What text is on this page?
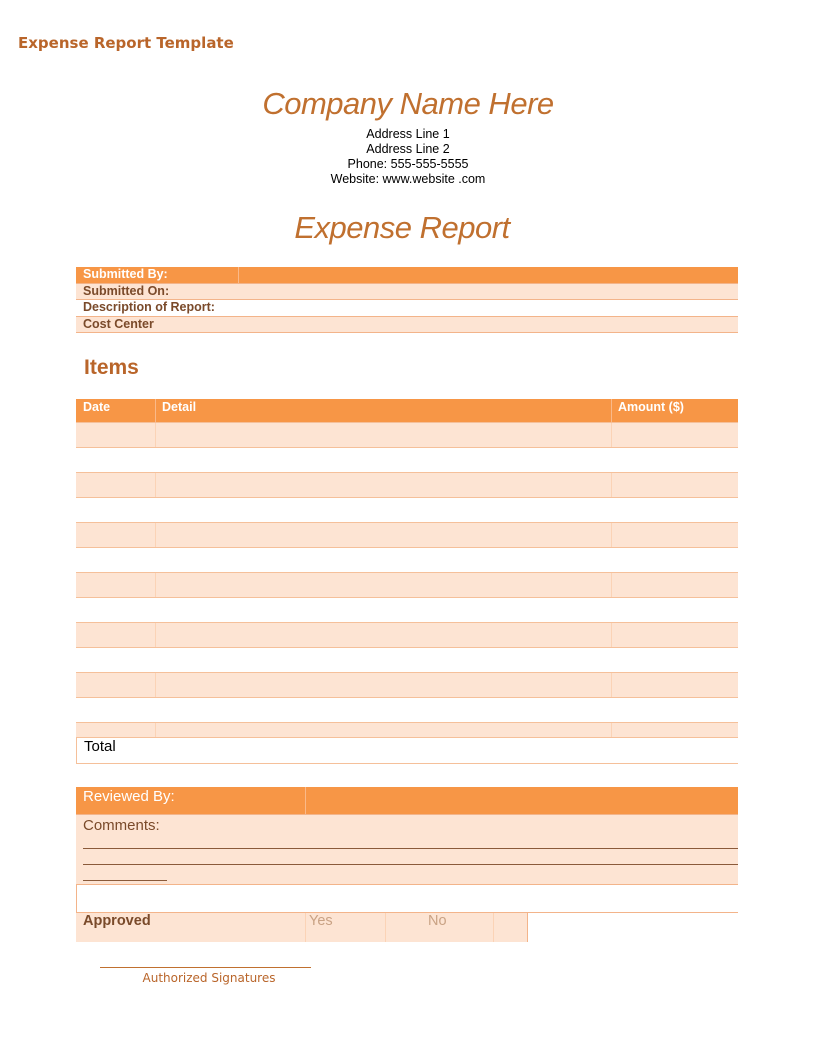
Expense Report Template
Company Name Here
Address Line 1
Address Line 2
Phone: 555-555-5555
Website: www.website .com
Expense Report
Submitted By:
Submitted On:
Description of Report:
Cost Center
Items
Date	Detail	Amount ($)
Total
Reviewed By:
Comments:
Approved	Yes	No
Authorized Signatures
